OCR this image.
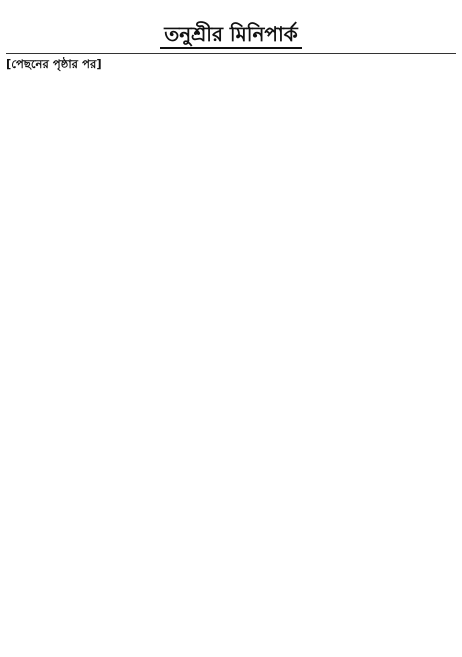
তনুশ্রীর মিনিপার্ক
[পেছনের পৃষ্ঠার পর]
